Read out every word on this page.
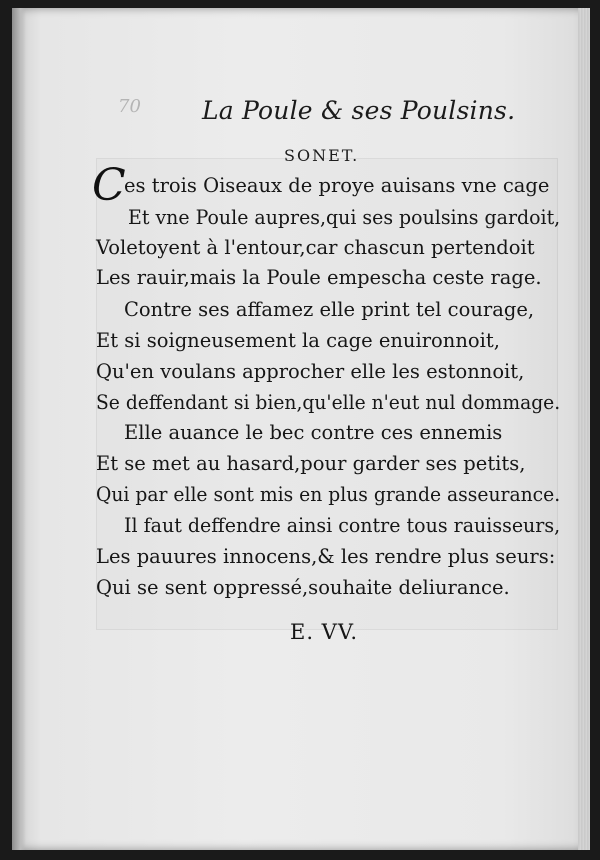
70 La Poule & ses Poulsins.
SONET.
C
es trois Oiseaux de proye auisans vne cage
Et vne Poule aupres,qui ses poulsins gardoit,
Voletoyent à l'entour,car chascun pertendoit
Les rauir,mais la Poule empescha ceste rage.
Contre ses affamez elle print tel courage,
Et si soigneusement la cage enuironnoit,
Qu'en voulans approcher elle les estonnoit,
Se deffendant si bien,qu'elle n'eut nul dommage.
Elle auance le bec contre ces ennemis
Et se met au hasard,pour garder ses petits,
Qui par elle sont mis en plus grande asseurance.
Il faut deffendre ainsi contre tous rauisseurs,
Les pauures innocens,& les rendre plus seurs:
Qui se sent oppressé,souhaite deliurance.
E. VV.
